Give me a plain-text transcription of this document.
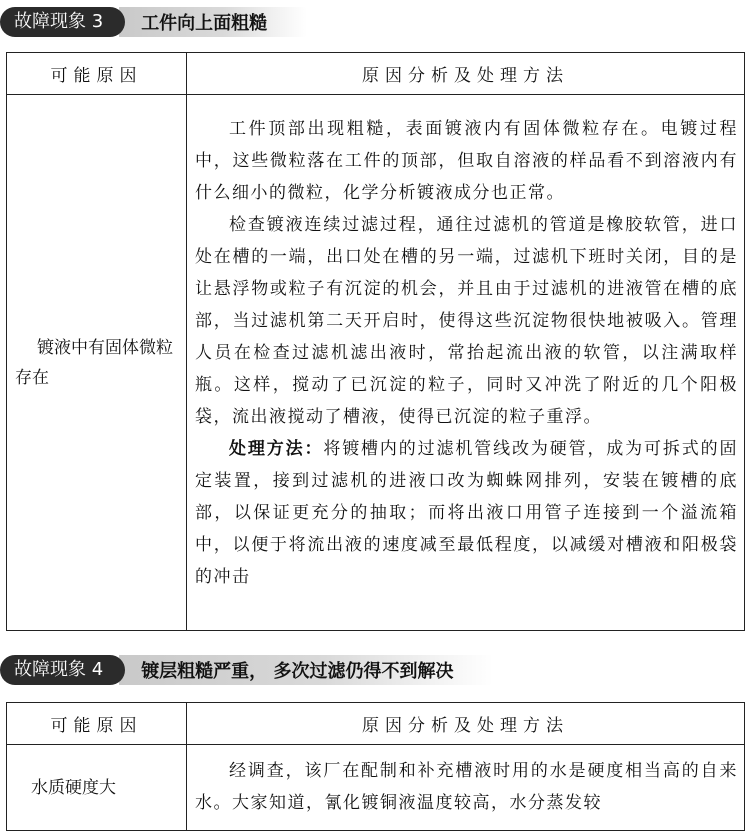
故障现象 3	工件向上面粗糙
可能原因	原因分析及处理方法

镀液中有固体微粒存在	工件顶部出现粗糙，表面镀液内有固体微粒存在。电镀过程中，这些微粒落在工件的顶部，但取自溶液的样品看不到溶液内有什么细小的微粒，化学分析镀液成分也正常。

检查镀液连续过滤过程，通往过滤机的管道是橡胶软管，进口处在槽的一端，出口处在槽的另一端，过滤机下班时关闭，目的是让悬浮物或粒子有沉淀的机会，并且由于过滤机的进液管在槽的底部，当过滤机第二天开启时，使得这些沉淀物很快地被吸入。管理人员在检查过滤机滤出液时，常抬起流出液的软管，以注满取样瓶。这样，搅动了已沉淀的粒子，同时又冲洗了附近的几个阳极袋，流出液搅动了槽液，使得已沉淀的粒子重浮。

处理方法：将镀槽内的过滤机管线改为硬管，成为可拆式的固定装置，接到过滤机的进液口改为蜘蛛网排列，安装在镀槽的底部，以保证更充分的抽取；而将出液口用管子连接到一个溢流箱中，以便于将流出液的速度减至最低程度，以减缓对槽液和阳极袋的冲击

故障现象 4	镀层粗糙严重， 多次过滤仍得不到解决
可能原因	原因分析及处理方法

水质硬度大	经调查，该厂在配制和补充槽液时用的水是硬度相当高的自来水。大家知道，氰化镀铜液温度较高，水分蒸发较
